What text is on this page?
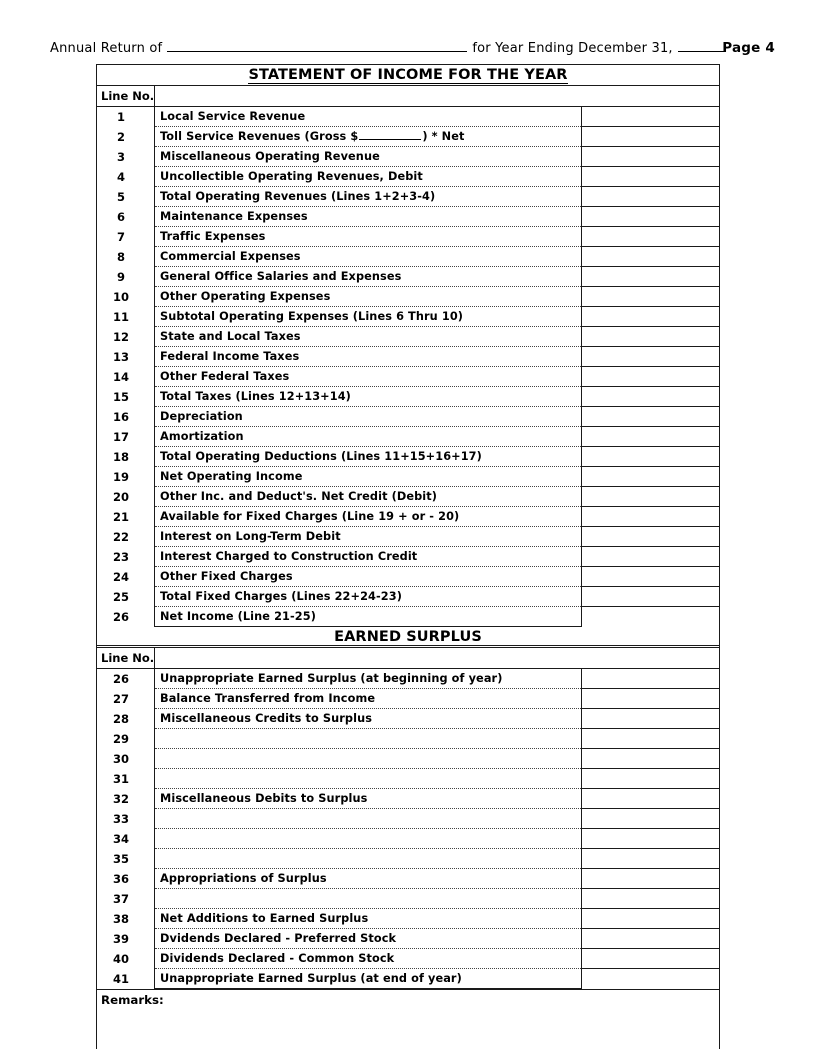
Annual Return of	for Year Ending December 31,	Page 4
STATEMENT OF INCOME FOR THE YEAR
Line No.
1	Local Service Revenue
2	Toll Service Revenues (Gross $	) * Net
3	Miscellaneous Operating Revenue
4	Uncollectible Operating Revenues, Debit
5	Total Operating Revenues (Lines 1+2+3-4)
6	Maintenance Expenses
7	Traffic Expenses
8	Commercial Expenses
9	General Office Salaries and Expenses
10	Other Operating Expenses
11	Subtotal Operating Expenses (Lines 6 Thru 10)
12	State and Local Taxes
13	Federal Income Taxes
14	Other Federal Taxes
15	Total Taxes (Lines 12+13+14)
16	Depreciation
17	Amortization
18	Total Operating Deductions (Lines 11+15+16+17)
19	Net Operating Income
20	Other Inc. and Deduct's. Net Credit (Debit)
21	Available for Fixed Charges (Line 19 + or - 20)
22	Interest on Long-Term Debit
23	Interest Charged to Construction Credit
24	Other Fixed Charges
25	Total Fixed Charges (Lines 22+24-23)
26	Net Income (Line 21-25)
EARNED SURPLUS
Line No.
26	Unappropriate Earned Surplus (at beginning of year)
27	Balance Transferred from Income
28	Miscellaneous Credits to Surplus
29
30
31
32	Miscellaneous Debits to Surplus
33
34
35
36	Appropriations of Surplus
37
38	Net Additions to Earned Surplus
39	Dvidends Declared - Preferred Stock
40	Dividends Declared - Common Stock
41	Unappropriate Earned Surplus (at end of year)
Remarks:
